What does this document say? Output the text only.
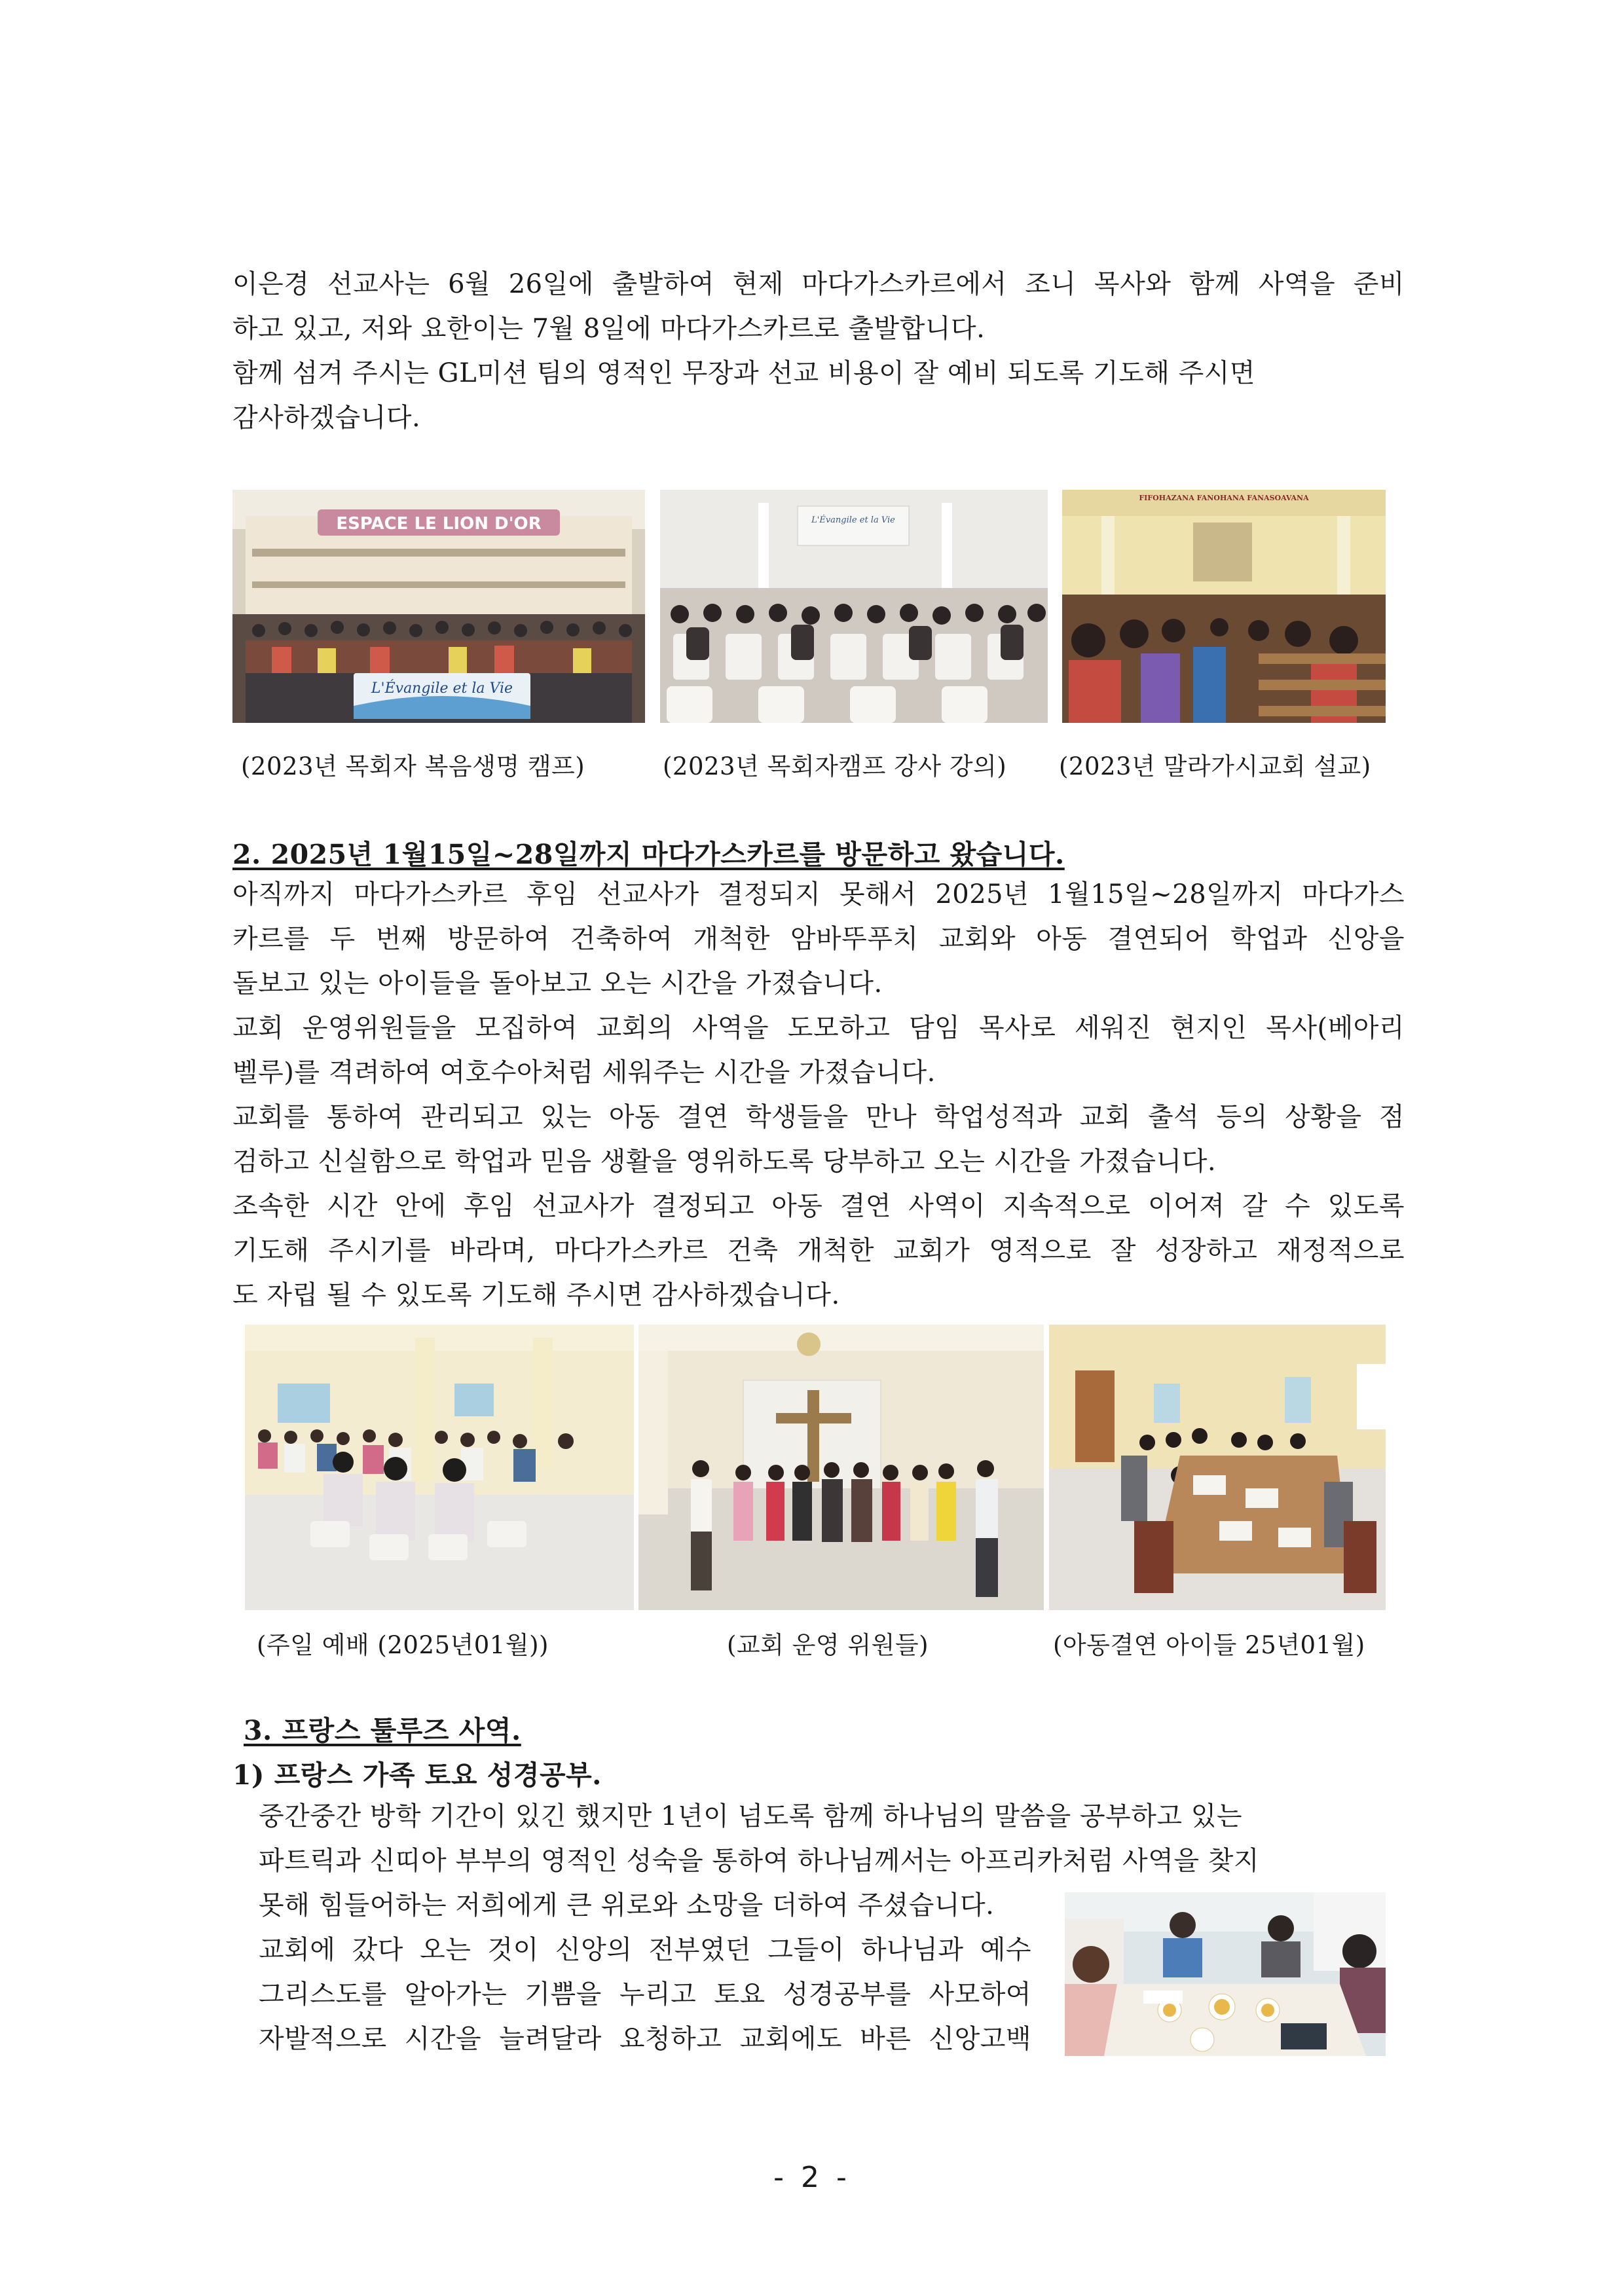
이은경 선교사는 6월 26일에 출발하여 현제 마다가스카르에서 조니 목사와 함께 사역을 준비
하고 있고, 저와 요한이는 7월 8일에 마다가스카르로 출발합니다.
함께 섬겨 주시는 GL미션 팀의 영적인 무장과 선교 비용이 잘 예비 되도록 기도해 주시면
감사하겠습니다.
ESPACE LE LION D'OR
L'Évangile et la Vie
L'Évangile et la Vie
FIFOHAZANA FANOHANA FANASOAVANA
(2023년 목회자 복음생명 캠프)	(2023년 목회자캠프 강사 강의) (2023년 말라가시교회 설교)
2. 2025년 1월15일~28일까지 마다가스카르를 방문하고 왔습니다.
아직까지 마다가스카르 후임 선교사가 결정되지 못해서 2025년 1월15일~28일까지 마다가스
카르를 두 번째 방문하여 건축하여 개척한 암바뚜푸치 교회와 아동 결연되어 학업과 신앙을
돌보고 있는 아이들을 돌아보고 오는 시간을 가졌습니다.
교회 운영위원들을 모집하여 교회의 사역을 도모하고 담임 목사로 세워진 현지인 목사(베아리
벨루)를 격려하여 여호수아처럼 세워주는 시간을 가졌습니다.
교회를 통하여 관리되고 있는 아동 결연 학생들을 만나 학업성적과 교회 출석 등의 상황을 점
검하고 신실함으로 학업과 믿음 생활을 영위하도록 당부하고 오는 시간을 가졌습니다.
조속한 시간 안에 후임 선교사가 결정되고 아동 결연 사역이 지속적으로 이어져 갈 수 있도록
기도해 주시기를 바라며, 마다가스카르 건축 개척한 교회가 영적으로 잘 성장하고 재정적으로
도 자립 될 수 있도록 기도해 주시면 감사하겠습니다.
(주일 예배 (2025년01월))	(교회 운영 위원들)	(아동결연 아이들 25년01월)
3. 프랑스 툴루즈 사역.
1) 프랑스 가족 토요 성경공부.
중간중간 방학 기간이 있긴 했지만 1년이 넘도록 함께 하나님의 말씀을 공부하고 있는
파트릭과 신띠아 부부의 영적인 성숙을 통하여 하나님께서는 아프리카처럼 사역을 찾지
못해 힘들어하는 저희에게 큰 위로와 소망을 더하여 주셨습니다.
교회에 갔다 오는 것이 신앙의 전부였던 그들이 하나님과 예수
그리스도를 알아가는 기쁨을 누리고 토요 성경공부를 사모하여
자발적으로 시간을 늘려달라 요청하고 교회에도 바른 신앙고백
- 2 -
